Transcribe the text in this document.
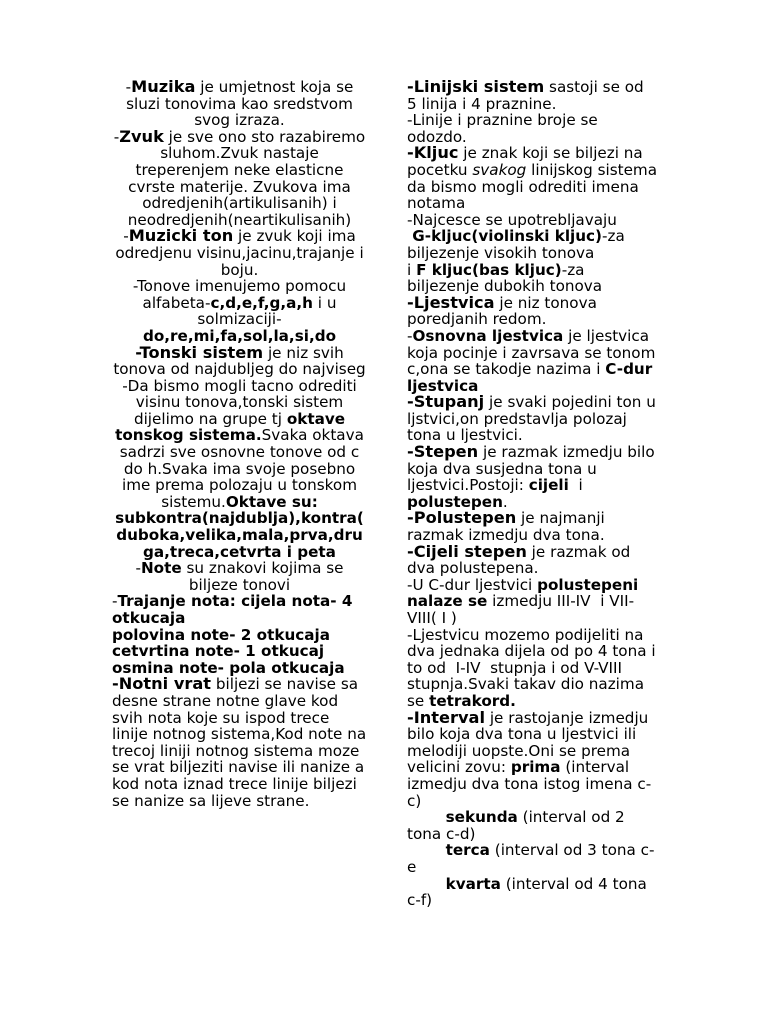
-Muzika je umjetnost koja se sluzi tonovima kao sredstvom svog izraza.
-Zvuk je sve ono sto razabiremo sluhom.Zvuk nastaje treperenjem neke elasticne cvrste materije. Zvukova ima odredjenih(artikulisanih) i neodredjenih(neartikulisanih)
-Muzicki ton je zvuk koji ima odredjenu visinu,jacinu,trajanje i boju.
-Tonove imenujemo pomocu alfabeta-c,d,e,f,g,a,h i u solmizaciji-
do,re,mi,fa,sol,la,si,do
-Tonski sistem je niz svih tonova od najdubljeg do najviseg
-Da bismo mogli tacno odrediti visinu tonova,tonski sistem dijelimo na grupe tj oktave tonskog sistema.Svaka oktava sadrzi sve osnovne tonove od c do h.Svaka ima svoje posebno ime prema polozaju u tonskom sistemu.Oktave su: subkontra(najdublja),kontra(duboka,velika,mala,prva,druga,treca,cetvrta i peta
-Note su znakovi kojima se biljeze tonovi
-Trajanje nota: cijela nota- 4 otkucaja
polovina note- 2 otkucaja
cetvrtina note- 1 otkucaj
osmina note- pola otkucaja
-Notni vrat biljezi se navise sa desne strane notne glave kod svih nota koje su ispod trece linije notnog sistema,Kod note na trecoj liniji notnog sistema moze se vrat biljeziti navise ili nanize a kod nota iznad trece linije biljezi se nanize sa lijeve strane.
-Linijski sistem sastoji se od 5 linija i 4 praznine.
-Linije i praznine broje se odozdo.
-Kljuc je znak koji se biljezi na pocetku svakog linijskog sistema da bismo mogli odrediti imena notama
-Najcesce se upotrebljavaju
G-kljuc(violinski kljuc)-za biljezenje visokih tonova
i F kljuc(bas kljuc)-za biljezenje dubokih tonova
-Ljestvica je niz tonova poredjanih redom.
-Osnovna ljestvica je ljestvica koja pocinje i zavrsava se tonom c,ona se takodje nazima i C-dur ljestvica
-Stupanj je svaki pojedini ton u ljstvici,on predstavlja polozaj tona u ljestvici.
-Stepen je razmak izmedju bilo koja dva susjedna tona u ljestvici.Postoji: cijeli  i polustepen.
-Polustepen je najmanji razmak izmedju dva tona.
-Cijeli stepen je razmak od dva polustepena.
-U C-dur ljestvici polustepeni nalaze se izmedju III-IV  i VII-VIII( I )
-Ljestvicu mozemo podijeliti na dva jednaka dijela od po 4 tona i to od  I-IV  stupnja i od V-VIII  stupnja.Svaki takav dio nazima se tetrakord.
-Interval je rastojanje izmedju bilo koja dva tona u ljestvici ili melodiji uopste.Oni se prema velicini zovu: prima (interval izmedju dva tona istog imena c-c)
sekunda (interval od 2 tona c-d)
terca (interval od 3 tona c-e
kvarta (interval od 4 tona c-f)
